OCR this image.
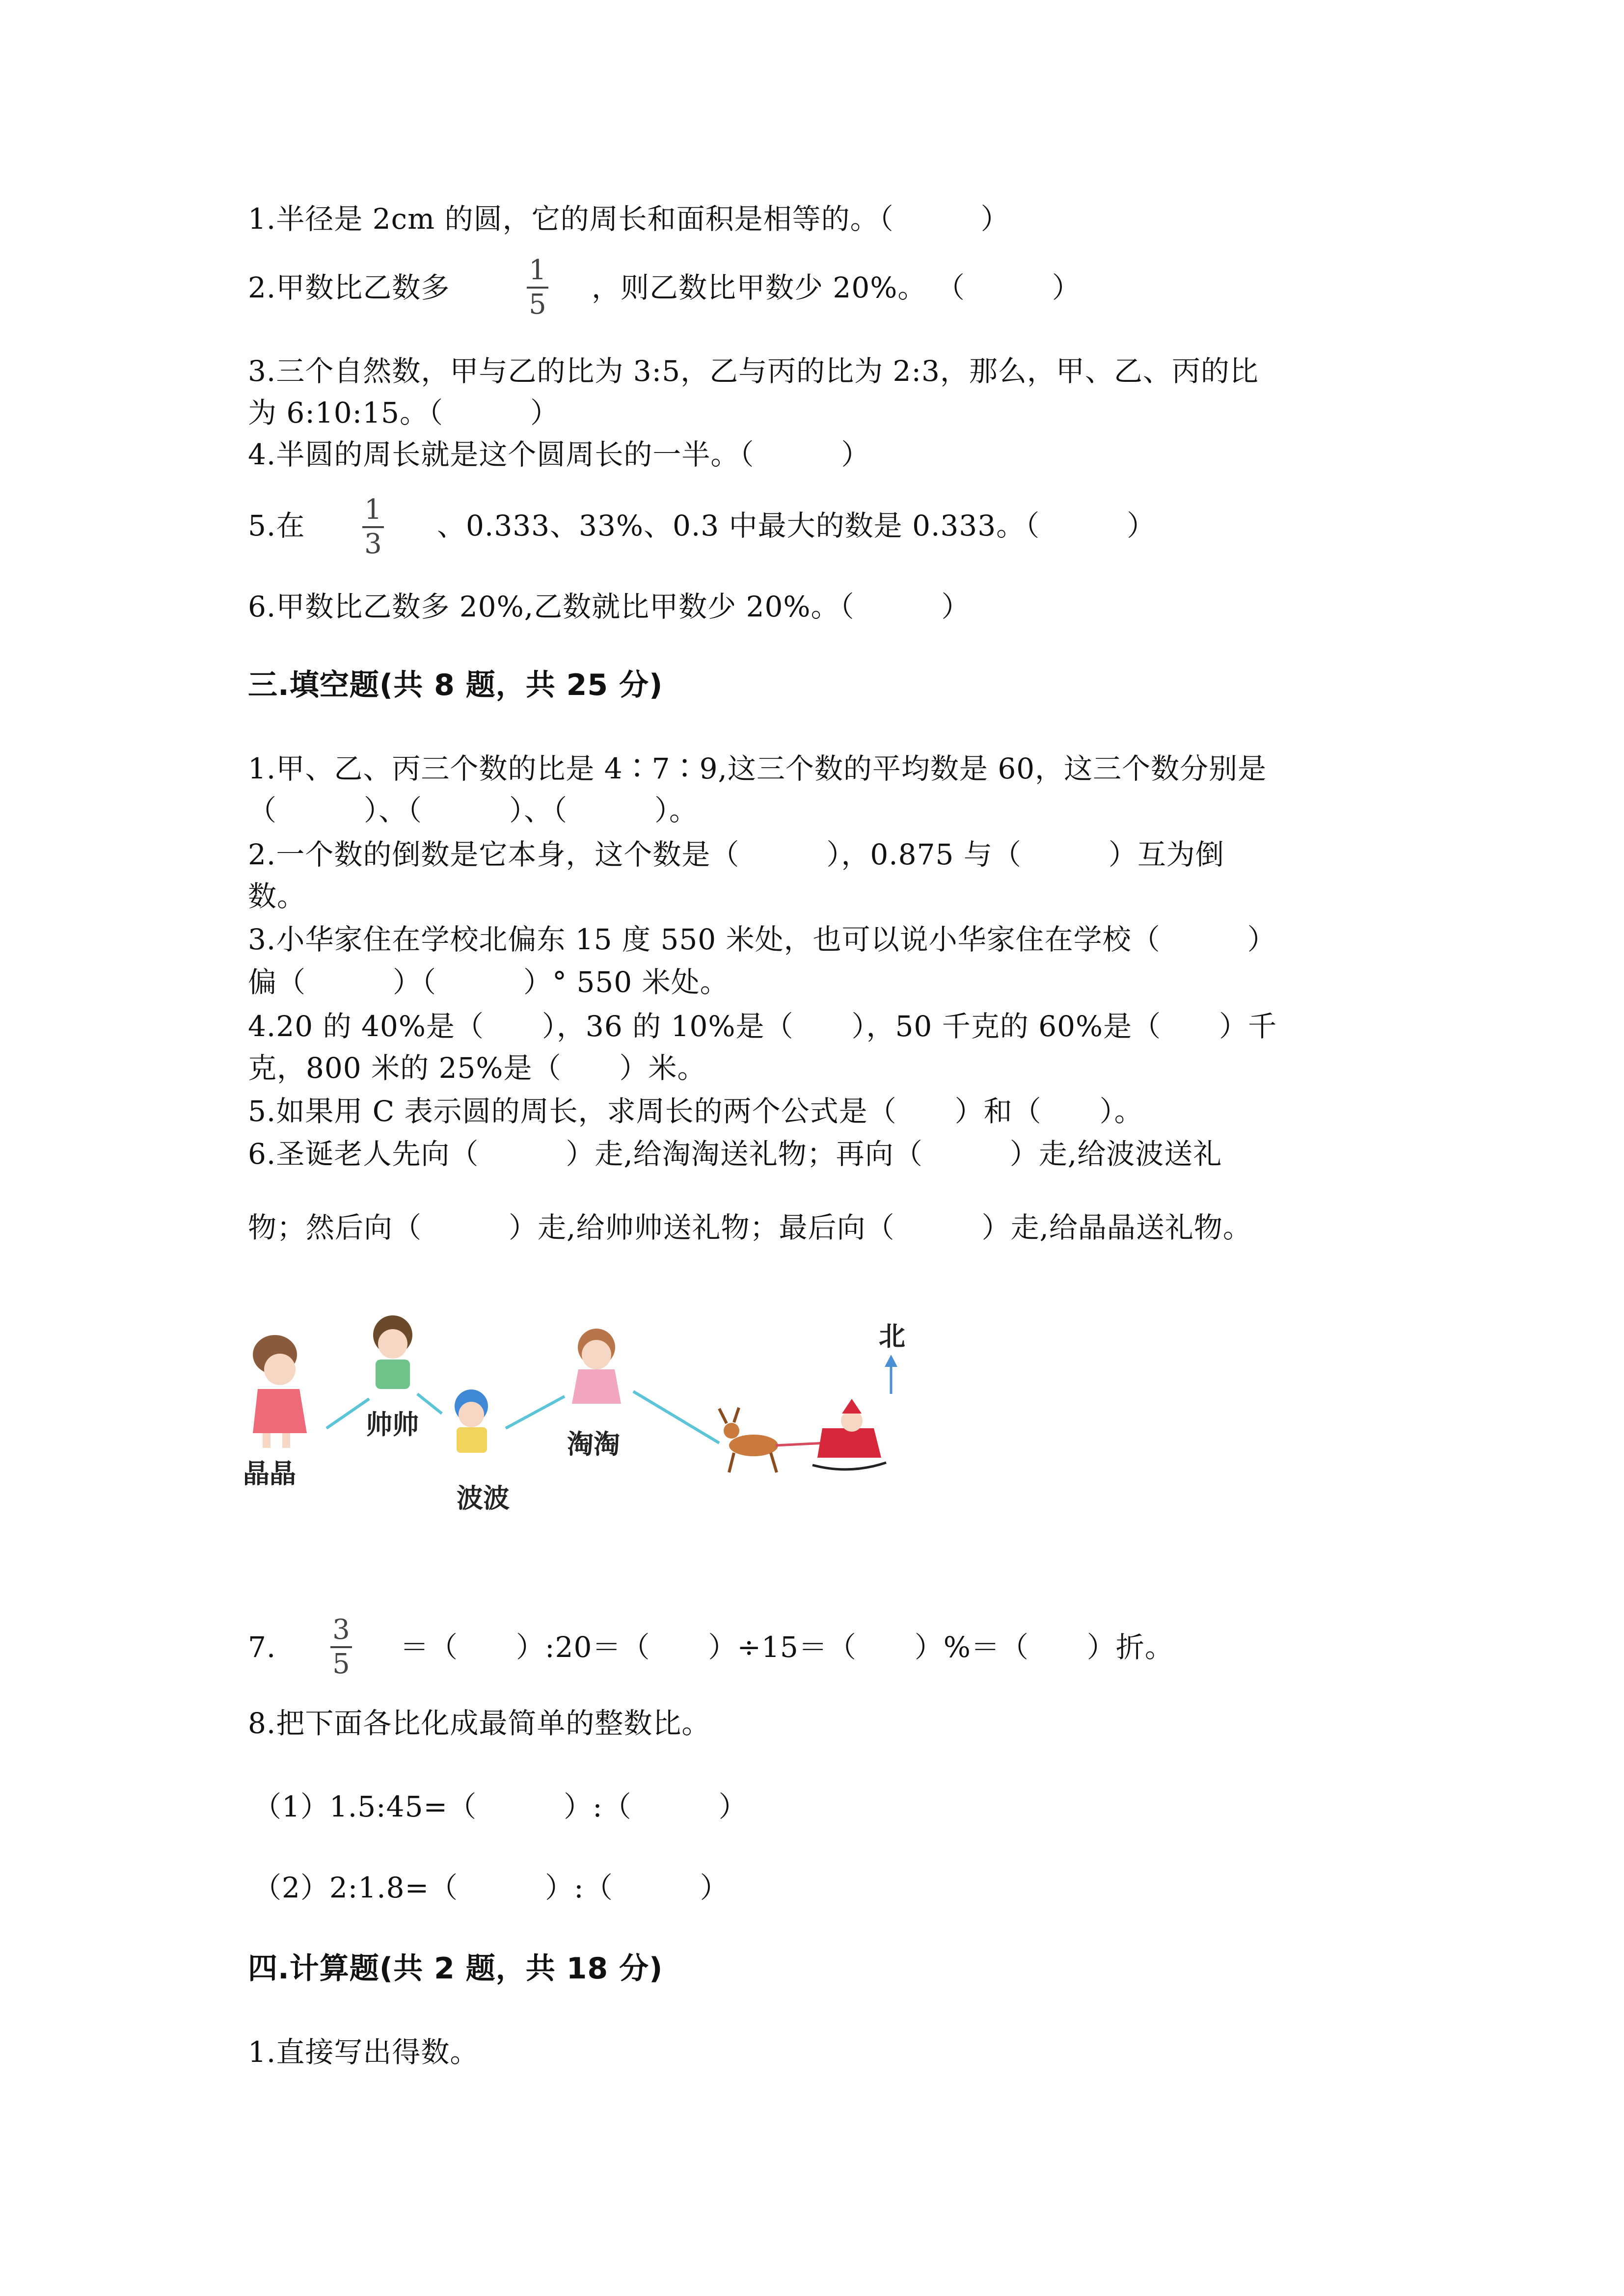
1.半径是 2cm 的圆，它的周长和面积是相等的。（　　　）
2.甲数比乙数多
1
5
，则乙数比甲数少 20%。 （　　　）
3.三个自然数，甲与乙的比为 3:5，乙与丙的比为 2:3，那么，甲、乙、丙的比
为 6:10:15。（　　　）
4.半圆的周长就是这个圆周长的一半。（　　　）
5.在 1
3
、0.333、33%、0.3 中最大的数是 0.333。（　　　）
6.甲数比乙数多 20%,乙数就比甲数少 20%。（　　　）
三.填空题(共 8 题，共 25 分)
1.甲、乙、丙三个数的比是 4∶7∶9,这三个数的平均数是 60，这三个数分别是
（　　　）、（　　　）、（　　　）。
2.一个数的倒数是它本身，这个数是（　　　），0.875 与（　　　）互为倒
数。
3.小华家住在学校北偏东 15 度 550 米处，也可以说小华家住在学校（　　　）
偏（　　　）（　　　）° 550 米处。
4.20 的 40%是（　　），36 的 10%是（　　），50 千克的 60%是（　　）千
克，800 米的 25%是（　　）米。
5.如果用 C 表示圆的周长，求周长的两个公式是（　　）和（　　）。
6.圣诞老人先向（　　　）走,给淘淘送礼物；再向（　　　）走,给波波送礼
物；然后向（　　　）走,给帅帅送礼物；最后向（　　　）走,给晶晶送礼物。
晶晶
帅帅
波波
淘淘
北
7.
3
5
＝（　　）:20＝（　　）÷15＝（　　）%＝（　　）折。
8.把下面各比化成最简单的整数比。
（1）1.5:45=（　　　）:（　　　）
（2）2:1.8=（　　　）:（　　　）
四.计算题(共 2 题，共 18 分)
1.直接写出得数。
